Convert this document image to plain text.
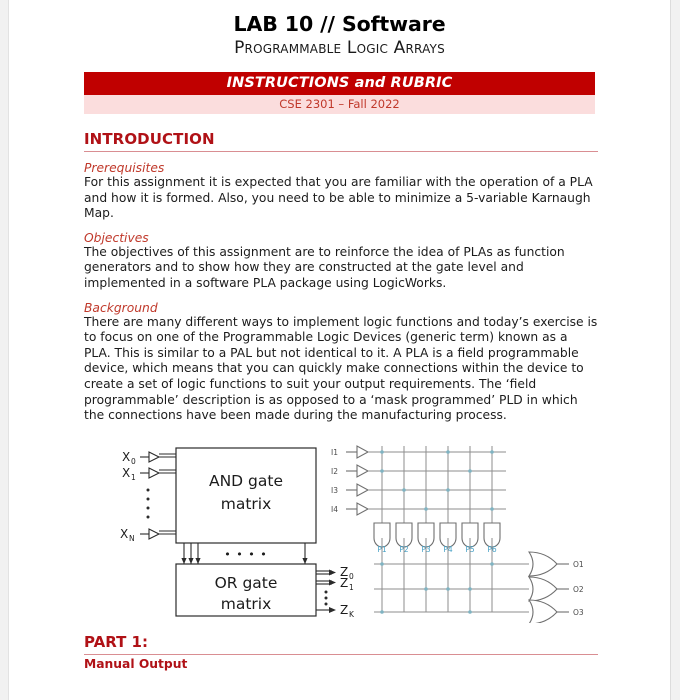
LAB 10 // Software
Programmable Logic Arrays
INSTRUCTIONS and RUBRIC
CSE 2301 – Fall 2022
INTRODUCTION
Prerequisites

For this assignment it is expected that you are familiar with the operation of a PLA and how it is formed. Also, you need to be able to minimize a 5-variable Karnaugh Map.

Objectives

The objectives of this assignment are to reinforce the idea of PLAs as function generators and to show how they are constructed at the gate level and implemented in a software PLA package using LogicWorks.

Background

There are many different ways to implement logic functions and today’s exercise is to focus on one of the Programmable Logic Devices (generic term) known as a PLA. This is similar to a PAL but not identical to it. A PLA is a field programmable device, which means that you can quickly make connections within the device to create a set of logic functions to suit your output requirements. The ‘field programmable’ description is as opposed to a ‘mask programmed’ PLD in which the connections have been made during the manufacturing process.

AND gate
matrix
OR gate
matrix
• • • •
X 0
X 1
X N
Z 0
Z 1
Z K
P1 P2 P3 P4 P5 P6
I1
I2
I3
I4
O1
O2
O3
PART 1:
Manual Output
